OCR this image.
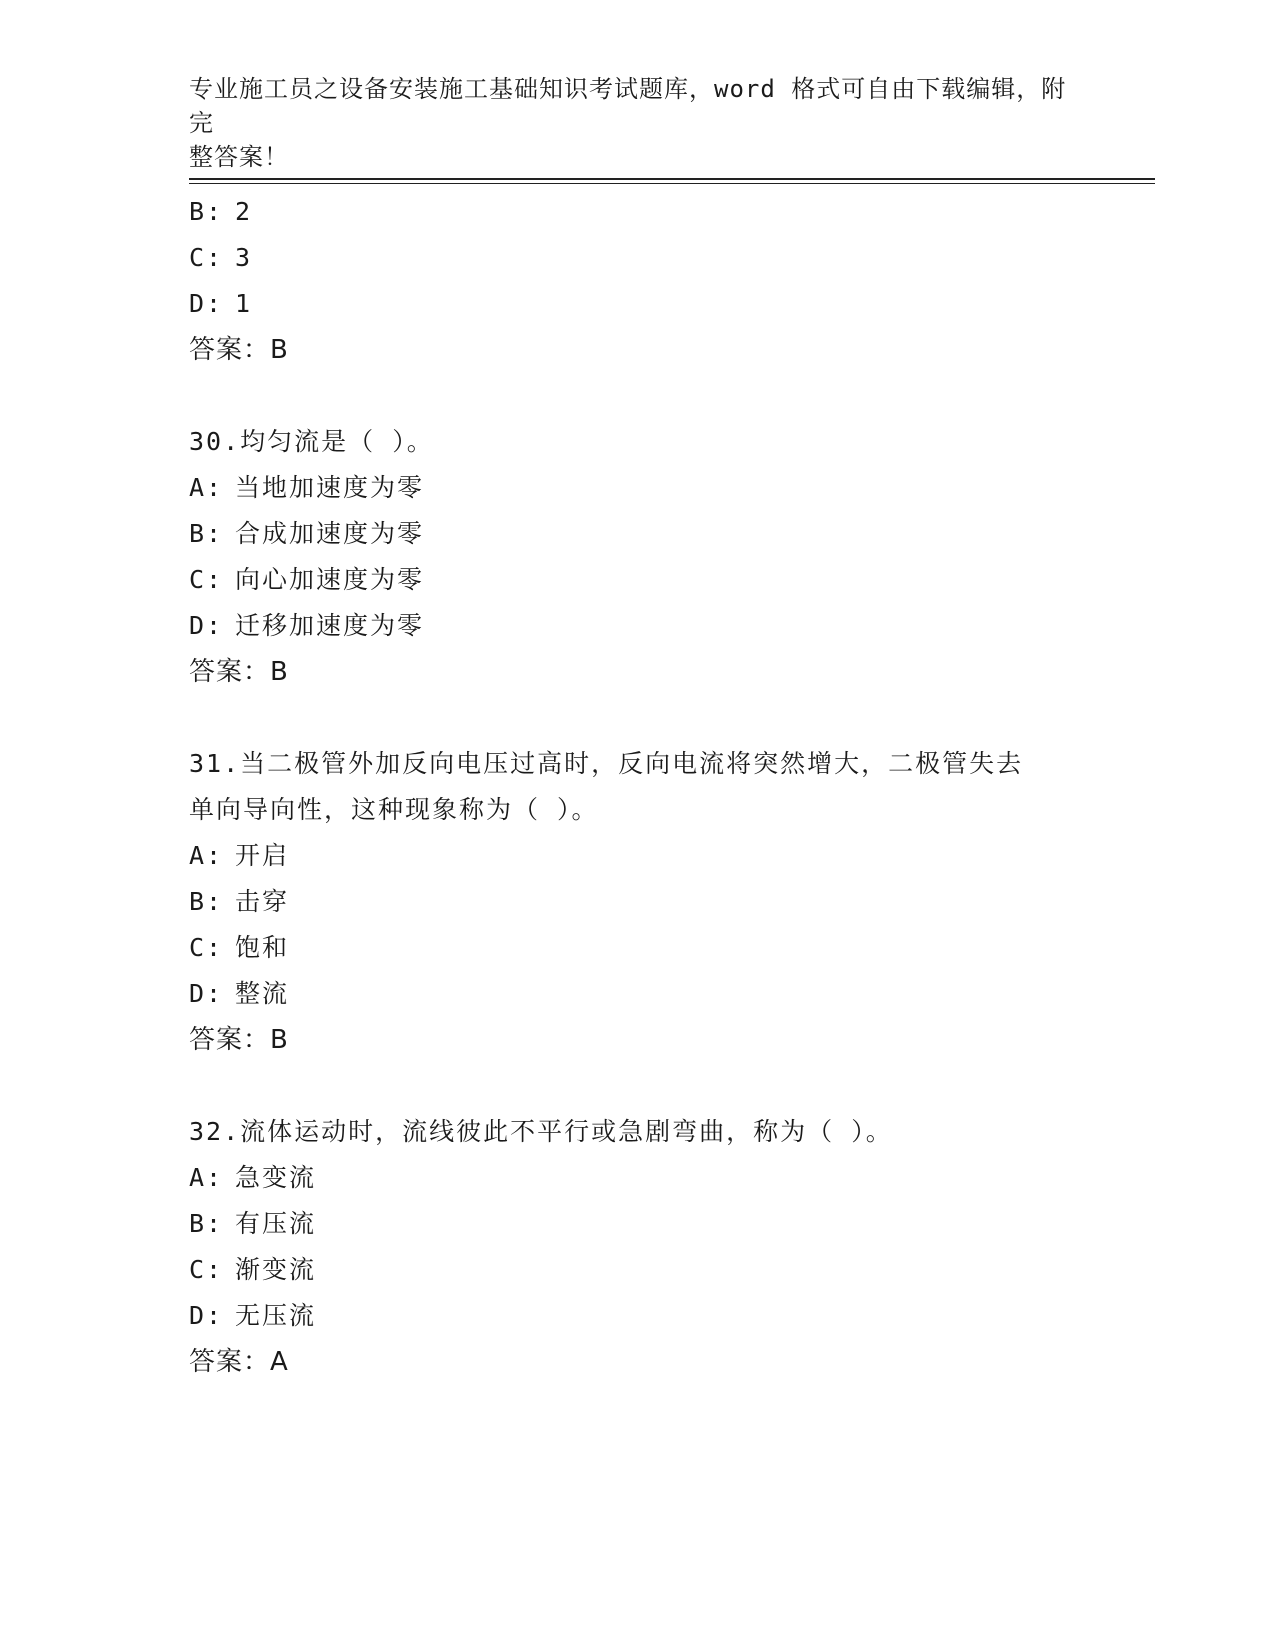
专业施工员之设备安装施工基础知识考试题库，word 格式可自由下载编辑，附完
整答案！
B: 2
C: 3
D: 1
答案：B
30.均匀流是（ ）。
A: 当地加速度为零
B: 合成加速度为零
C: 向心加速度为零
D: 迁移加速度为零
答案：B
31.当二极管外加反向电压过高时，反向电流将突然增大，二极管失去
单向导向性，这种现象称为（ ）。
A: 开启
B: 击穿
C: 饱和
D: 整流
答案：B
32.流体运动时，流线彼此不平行或急剧弯曲，称为（ ）。
A: 急变流
B: 有压流
C: 渐变流
D: 无压流
答案：A
